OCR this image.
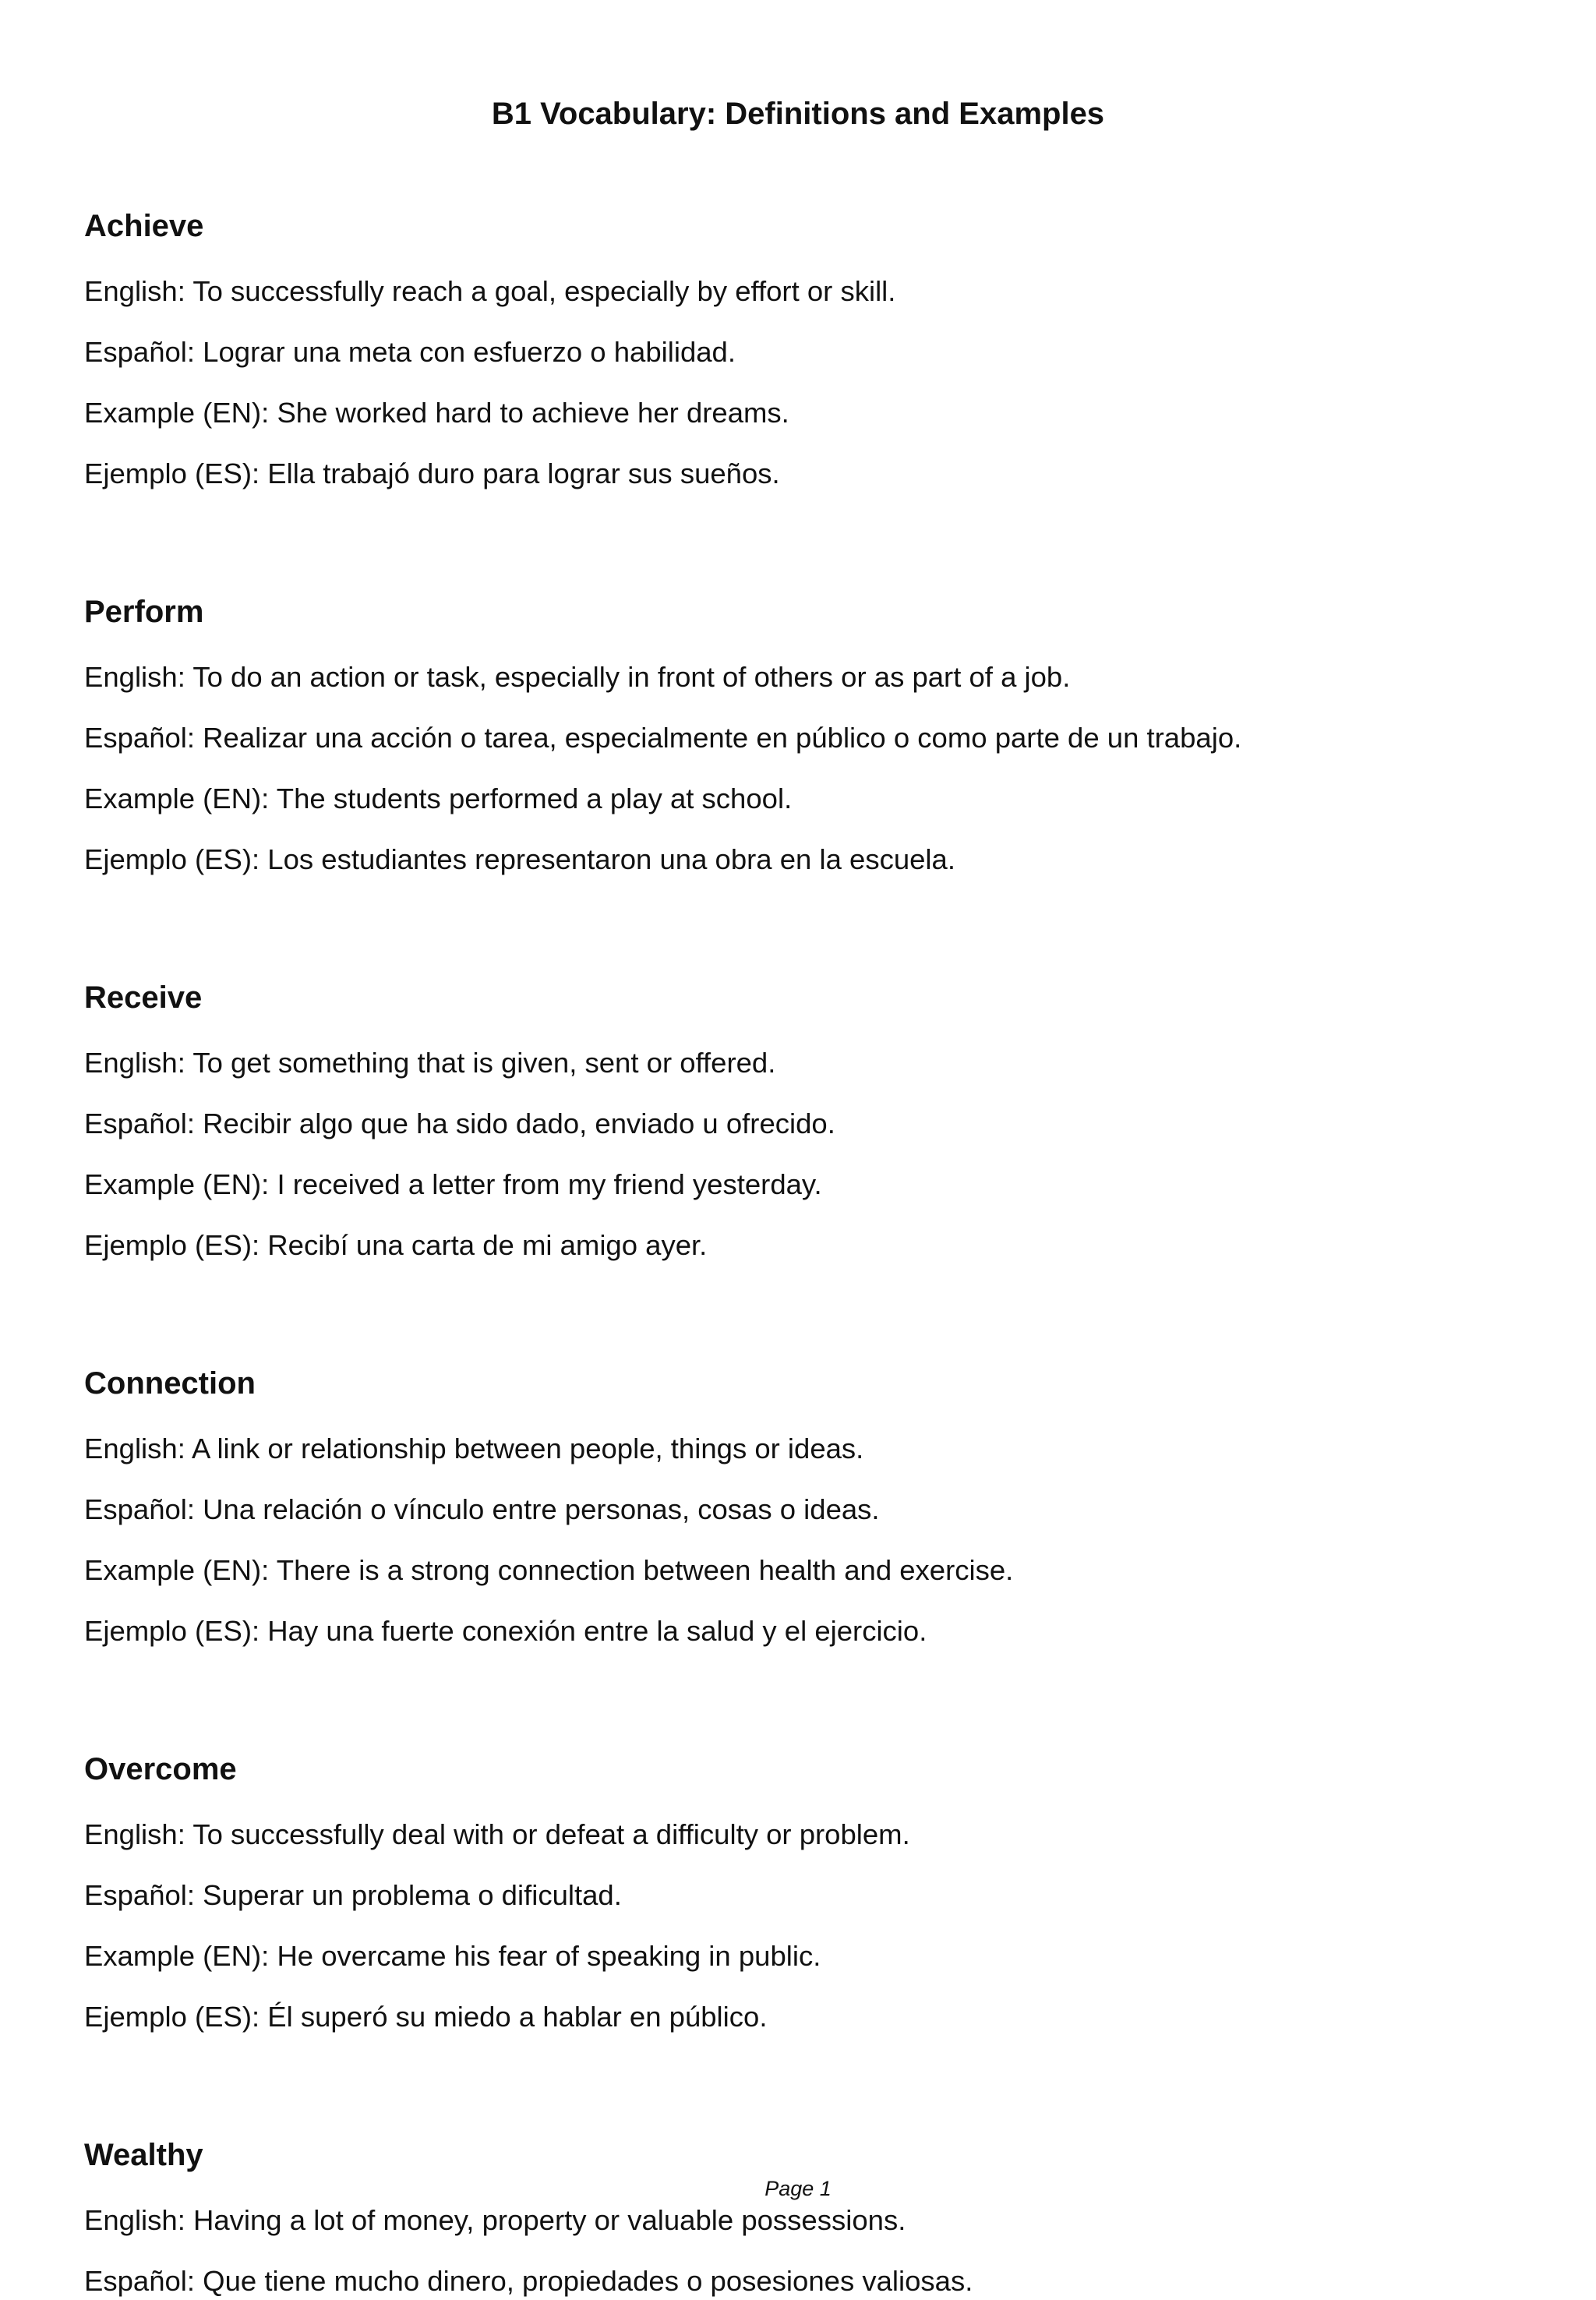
B1 Vocabulary: Definitions and Examples
Achieve
English: To successfully reach a goal, especially by effort or skill.
Español: Lograr una meta con esfuerzo o habilidad.
Example (EN): She worked hard to achieve her dreams.
Ejemplo (ES): Ella trabajó duro para lograr sus sueños.
Perform
English: To do an action or task, especially in front of others or as part of a job.
Español: Realizar una acción o tarea, especialmente en público o como parte de un trabajo.
Example (EN): The students performed a play at school.
Ejemplo (ES): Los estudiantes representaron una obra en la escuela.
Receive
English: To get something that is given, sent or offered.
Español: Recibir algo que ha sido dado, enviado u ofrecido.
Example (EN): I received a letter from my friend yesterday.
Ejemplo (ES): Recibí una carta de mi amigo ayer.
Connection
English: A link or relationship between people, things or ideas.
Español: Una relación o vínculo entre personas, cosas o ideas.
Example (EN): There is a strong connection between health and exercise.
Ejemplo (ES): Hay una fuerte conexión entre la salud y el ejercicio.
Overcome
English: To successfully deal with or defeat a difficulty or problem.
Español: Superar un problema o dificultad.
Example (EN): He overcame his fear of speaking in public.
Ejemplo (ES): Él superó su miedo a hablar en público.
Wealthy
English: Having a lot of money, property or valuable possessions.
Español: Que tiene mucho dinero, propiedades o posesiones valiosas.
Page 1
